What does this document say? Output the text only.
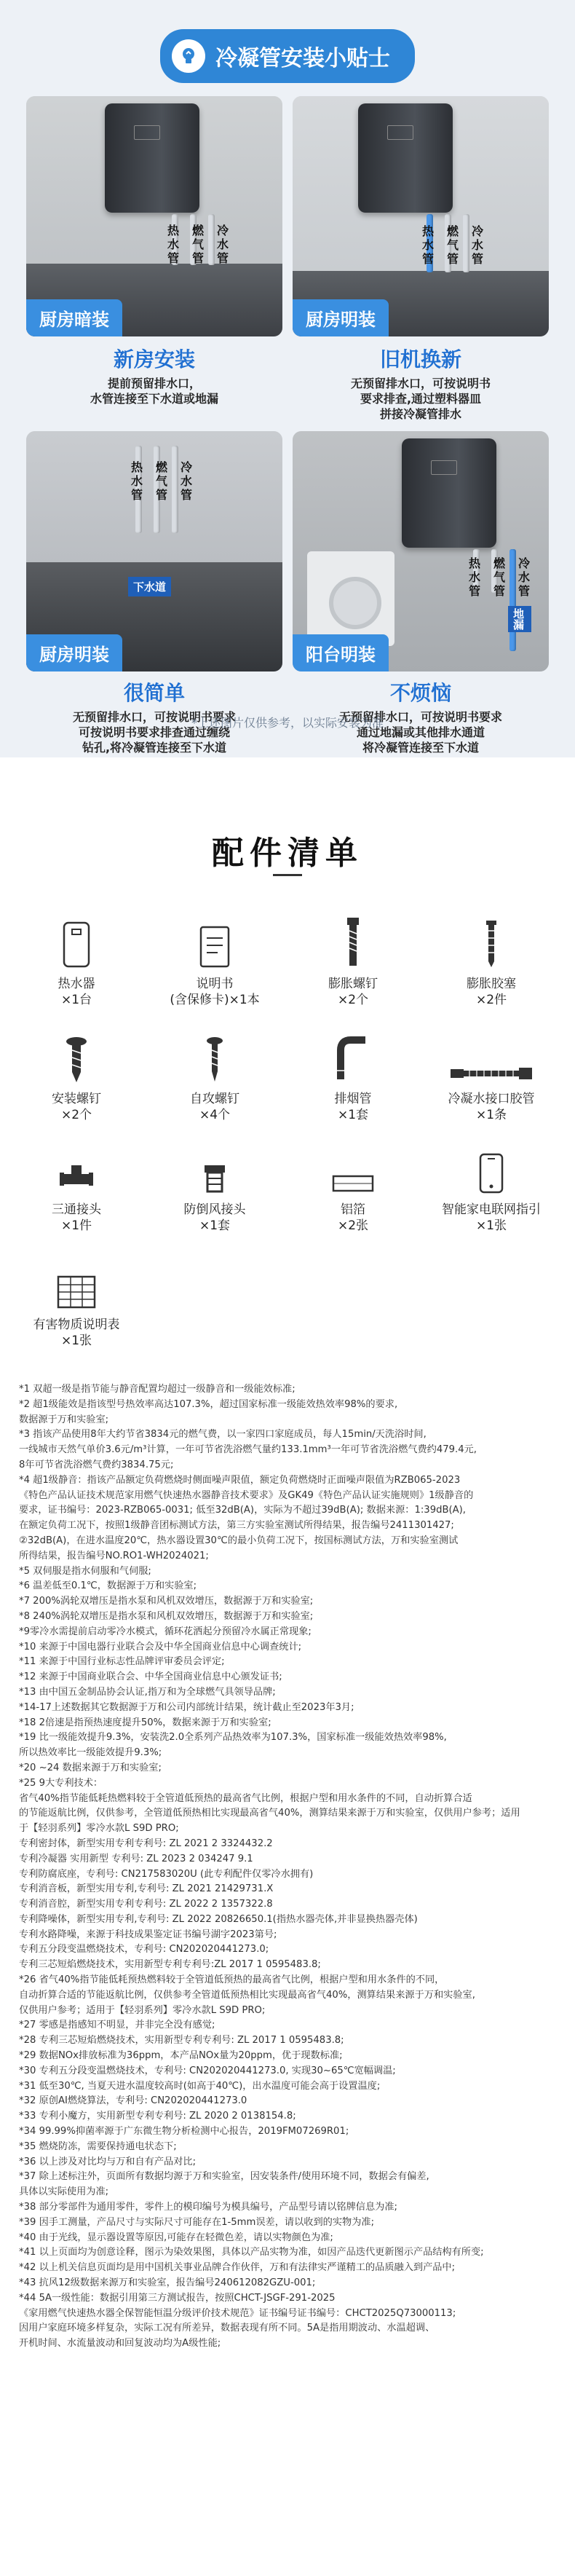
冷凝管安装小贴士
热水管
燃气管
冷水管
厨房暗装
新房安装
提前预留排水口，
水管连接至下水道或地漏
热水管
燃气管
冷水管
厨房明装
旧机换新
无预留排水口，可按说明书
要求排查,通过塑料器皿
拼接冷凝管排水
热水管
燃气管
冷水管
下水道
厨房明装
很简单
无预留排水口，可按说明书要求
可按说明书要求排查通过缠绕
钻孔,将冷凝管连接至下水道
热水管
燃气管
冷水管
地漏
阳台明装
不烦恼
无预留排水口，可按说明书要求
通过地漏或其他排水通道
将冷凝管连接至下水道
*上述图片仅供参考，以实际安装为准
配件清单
热水器
×1台
说明书
(含保修卡)×1本
膨胀螺钉
×2个
膨胀胶塞
×2件
安装螺钉
×2个
自攻螺钉
×4个
排烟管
×1套
冷凝水接口胶管
×1条
三通接头
×1件
防倒风接头
×1套
铝箔
×2张
智能家电联网指引
×1张
有害物质说明表
×1张

*1 双超一级是指节能与静音配置均超过一级静音和一级能效标准;

*2 超1级能效是指该型号热效率高达107.3%，超过国家标准一级能效热效率98%的要求,

数据源于万和实验室;

*3 指该产品使用8年大约节省3834元的燃气费，以一家四口家庭成员，每人15min/天洗浴时间,

一线城市天然气单价3.6元/m³计算，一年可节省洗浴燃气量约133.1mm³一年可节省洗浴燃气费约479.4元,

8年可节省洗浴燃气费约3834.75元;

*4 超1级静音：指该产品额定负荷燃烧时侧面噪声限值，额定负荷燃烧时正面噪声限值为RZB065-2023

《特色产品认证技术规范家用燃气快速热水器静音技术要求》及GK49《特色产品认证实施规则》1级静音的

要求，证书编号：2023-RZB065-0031; 低至32dB(A)，实际为不超过39dB(A); 数据来源：1:39dB(A),

在额定负荷工况下，按照1级静音团标测试方法，第三方实验室测试所得结果，报告编号2411301427;

②32dB(A)，在进水温度20℃，热水器设置30℃的最小负荷工况下，按国标测试方法，万和实验室测试

所得结果，报告编号NO.RO1-WH2024021;

*5 双伺服是指水伺服和气伺服;

*6 温差低至0.1℃，数据源于万和实验室;

*7 200%涡轮双增压是指水泵和风机双效增压，数据源于万和实验室;

*8 240%涡轮双增压是指水泵和风机双效增压，数据源于万和实验室;

*9零冷水需提前启动零冷水模式，循环花洒起分预留冷水属正常现象;

*10 来源于中国电器行业联合会及中华全国商业信息中心调查统计;

*11 来源于中国行业标志性品牌评审委员会评定;

*12 来源于中国商业联合会、中华全国商业信息中心颁发证书;

*13 由中国五金制品协会认证,指万和为全球燃气具领导品牌;

*14-17上述数据其它数据源于万和公司内部统计结果，统计截止至2023年3月;

*18 2倍速是指预热速度提升50%，数据来源于万和实验室;

*19 比一级能效提升9.3%，安装洗2.0全系列产品热效率为107.3%，国家标准一级能效热效率98%,

所以热效率比一级能效提升9.3%;

*20 ~24 数据来源于万和实验室;

*25 9大专利技术：

省气40%指节能低耗热燃料较于全管道低预热的最高省气比例，根据户型和用水条件的不同，自动折算合适

的节能返航比例，仅供参考，全管道低预热相比实现最高省气40%，测算结果来源于万和实验室，仅供用户参考；适用

于【轻羽系列】零冷水款L S9D PRO;

专利密封体，新型实用专利专利号: ZL 2021 2 3324432.2

专利冷凝器 实用新型 专利号: ZL 2023 2 034247 9.1

专利防腐底座，专利号: CN217583020U (此专利配件仅零冷水拥有)

专利消音板，新型实用专利,专利号: ZL 2021 21429731.X

专利消音腔，新型实用专利专利号: ZL 2022 2 1357322.8

专利降噪体，新型实用专利,专利号: ZL 2022 20826650.1(指热水器壳体,并非显换热器壳体)

专利水路降噪，来源于科技成果鉴定证书编号湖字2023第号;

专利五分段变温燃烧技术，专利号: CN202020441273.0;

专利三芯短焰燃烧技术，实用新型专利专利号:ZL 2017 1 0595483.8;

*26 省气40%指节能低耗预热燃料较于全管道低预热的最高省气比例，根据户型和用水条件的不同，

自动折算合适的节能返航比例，仅供参考全管道低预热相比实现最高省气40%，测算结果来源于万和实验室,

仅供用户参考；适用于【轻羽系列】零冷水款L S9D PRO;

*27 零感是指感知不明显，并非完全没有感觉;

*28 专利三芯短焰燃烧技术，实用新型专利专利号: ZL 2017 1 0595483.8;

*29 数据NOx排放标准为36ppm，本产品NOx量为20ppm，优于现数标准;

*30 专利五分段变温燃烧技术，专利号: CN202020441273.0, 实现30~65℃宽幅调温;

*31 低至30℃, 当夏天进水温度较高时(如高于40℃)，出水温度可能会高于设置温度;

*32 原创AI燃烧算法，专利号: CN202020441273.0

*33 专利小魔方，实用新型专利专利号: ZL 2020 2 0138154.8;

*34 99.99%抑菌率源于广东微生物分析检测中心报告，2019FM07269R01;

*35 燃烧防冻，需要保持通电状态下;

*36 以上涉及对比均与万和自有产品对比;

*37 除上述标注外，页面所有数据均源于万和实验室，因安装条件/使用环境不同，数据会有偏差,

具体以实际使用为准;

*38 部分零部件为通用零件，零件上的模印编号为模具编号，产品型号请以铭牌信息为准;

*39 因手工测量，产品尺寸与实际尺寸可能存在1-5mm误差，请以收到的实物为准;

*40 由于光线，显示器设置等原因,可能存在轻微色差，请以实物颜色为准;

*41 以上页面均为创意诠释，图示为染效果图，具体以产品实物为准，如因产品迭代更新图示产品结构有所变;

*42 以上机关信息页面均是用中国机关事业品牌合作伙伴，万和有法律实严谨精工的品质融入到产品中;

*43 抗风12级数据来源万和实验室，报告编号240612082GZU-001;

*44 5A一级性能：数据引用第三方测试报告，按照CHCT-JSGF-291-2025

《家用燃气快速热水器全保智能恒温分级评价技术规范》证书编号证书编号：CHCT2025Q73000113;

因用户家庭环境多样复杂，实际工况有所差异，数据表现有所不同。5A是指用期波动、水温超调、

开机时间、水流量波动和回复波动均为A级性能;
